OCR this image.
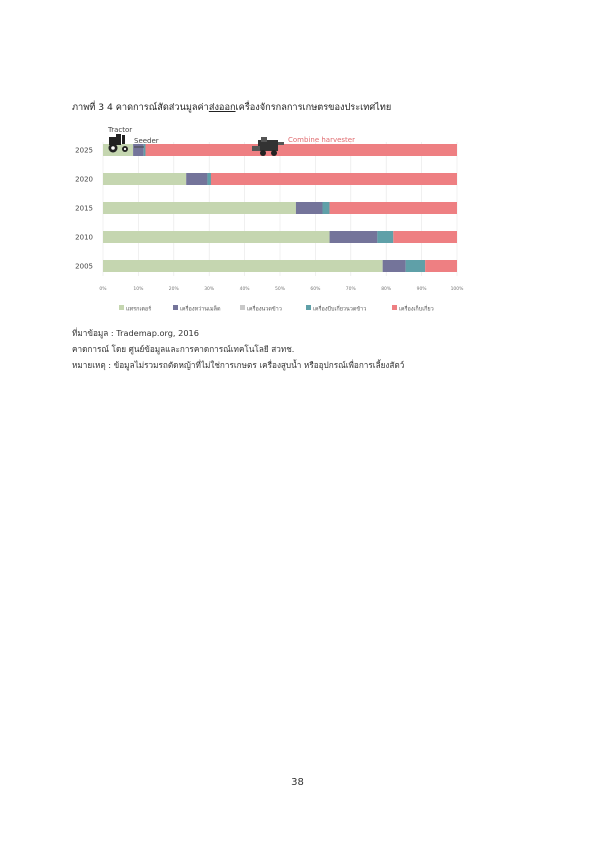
ภาพที่ 3 4 คาดการณ์สัดส่วนมูลค่าส่งออกเครื่องจักรกลการเกษตรของประเทศไทย
2025
2020
2015
2010
2005
0%	10%	20%	30%	40%	50%	60%	70%	80%	90%	100%
แทรกเตอร์	เครื่องหว่านเมล็ด	เครื่องนวดข้าว	เครื่องบีบเกี่ยวนวดข้าว	เครื่องเก็บเกี่ยว
Tractor
Seeder	Combine harvester
ที่มาข้อมูล : Trademap.org, 2016
คาดการณ์ โดย ศูนย์ข้อมูลและการคาดการณ์เทคโนโลยี สวทช.
หมายเหตุ : ข้อมูลไม่รวมรถตัดหญ้าที่ไม่ใช่การเกษตร เครื่องสูบน้ำ หรืออุปกรณ์เพื่อการเลี้ยงสัตว์
38
